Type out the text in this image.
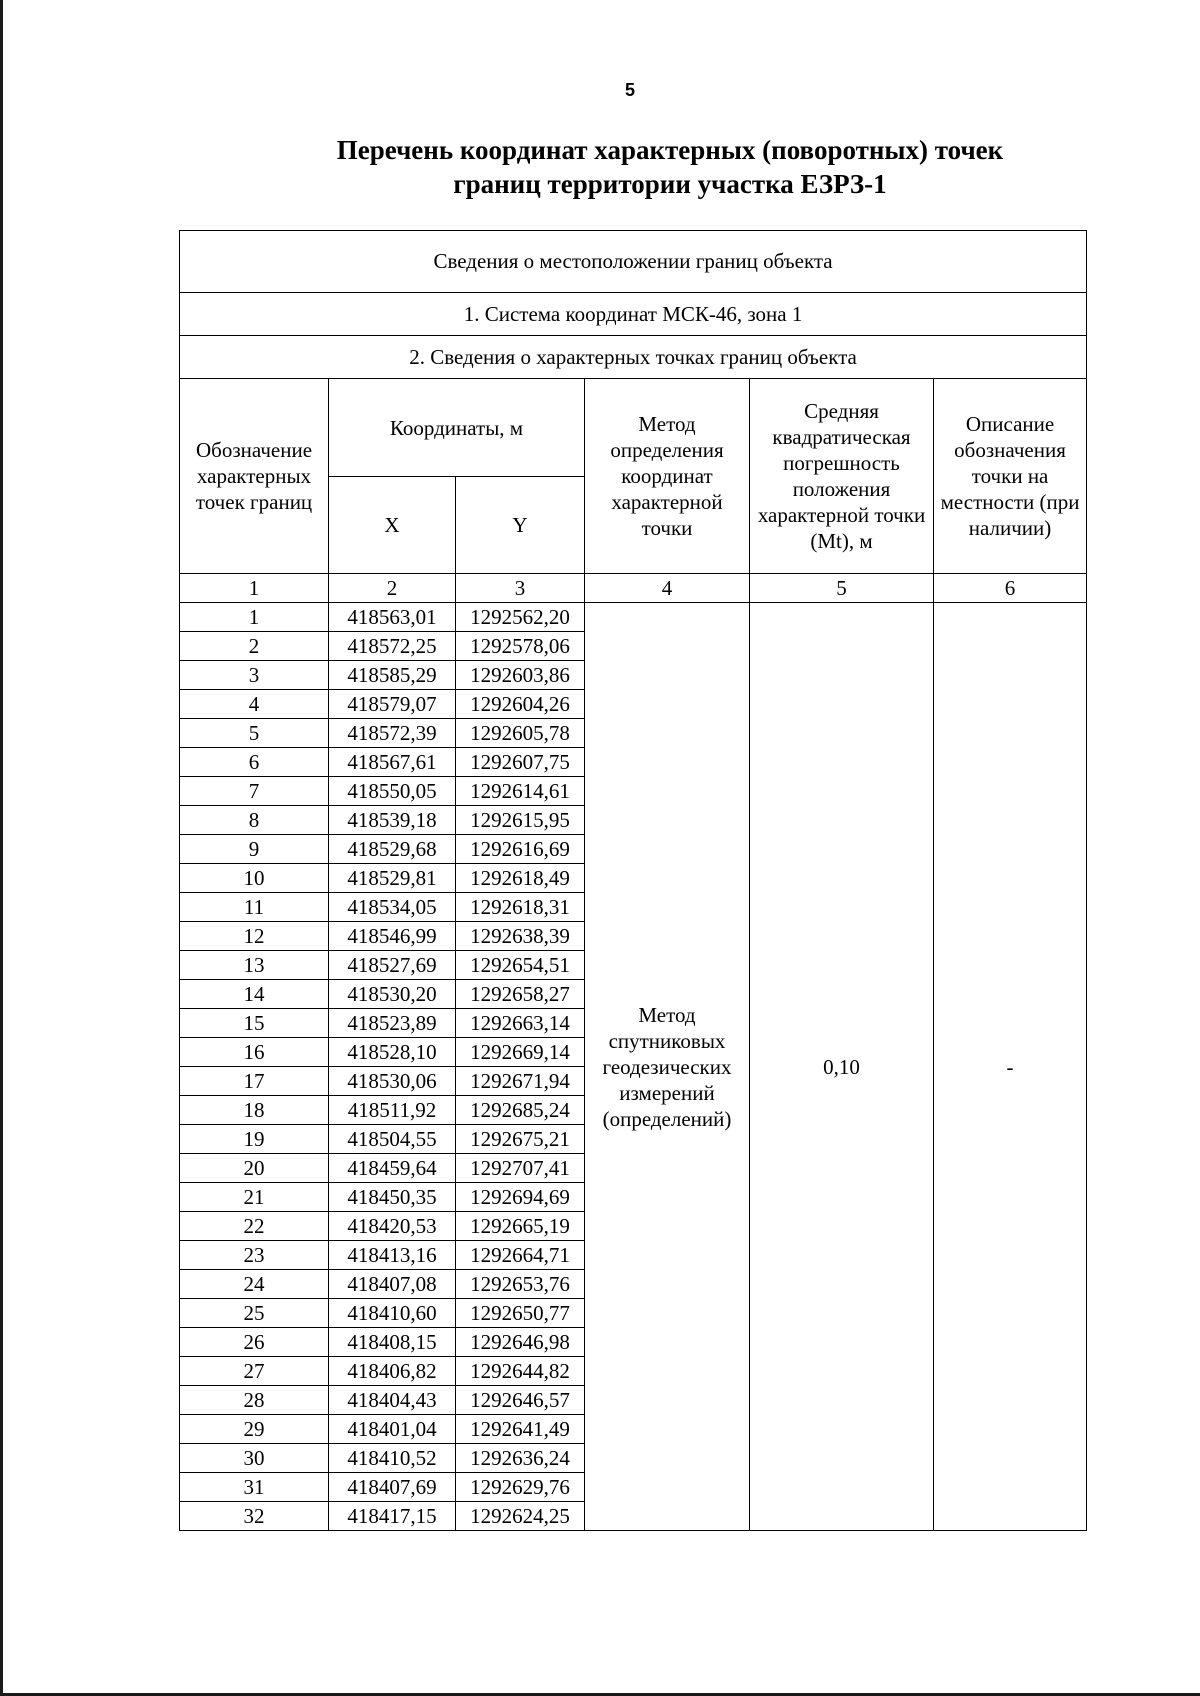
5
Перечень координат характерных (поворотных) точек
границ территории участка ЕЗРЗ-1
Сведения о местоположении границ объекта					
1. Система координат МСК-46, зона 1					
2. Сведения о характерных точках границ объекта					
Обозначение характерных точек границ	Координаты, м		Метод определения координат характерной точки	Средняя квадратическая погрешность положения характерной точки (Mt), м	Описание обозначения точки на местности (при наличии)
	X	Y			
1	2	3	4	5	6
1	418563,01	1292562,20	Метод спутниковых геодезических измерений (определений)	0,10	-
2	418572,25	1292578,06			
3	418585,29	1292603,86			
4	418579,07	1292604,26			
5	418572,39	1292605,78			
6	418567,61	1292607,75			
7	418550,05	1292614,61			
8	418539,18	1292615,95			
9	418529,68	1292616,69			
10	418529,81	1292618,49			
11	418534,05	1292618,31			
12	418546,99	1292638,39			
13	418527,69	1292654,51			
14	418530,20	1292658,27			
15	418523,89	1292663,14			
16	418528,10	1292669,14			
17	418530,06	1292671,94			
18	418511,92	1292685,24			
19	418504,55	1292675,21			
20	418459,64	1292707,41			
21	418450,35	1292694,69			
22	418420,53	1292665,19			
23	418413,16	1292664,71			
24	418407,08	1292653,76			
25	418410,60	1292650,77			
26	418408,15	1292646,98			
27	418406,82	1292644,82			
28	418404,43	1292646,57			
29	418401,04	1292641,49			
30	418410,52	1292636,24			
31	418407,69	1292629,76			
32	418417,15	1292624,25			
